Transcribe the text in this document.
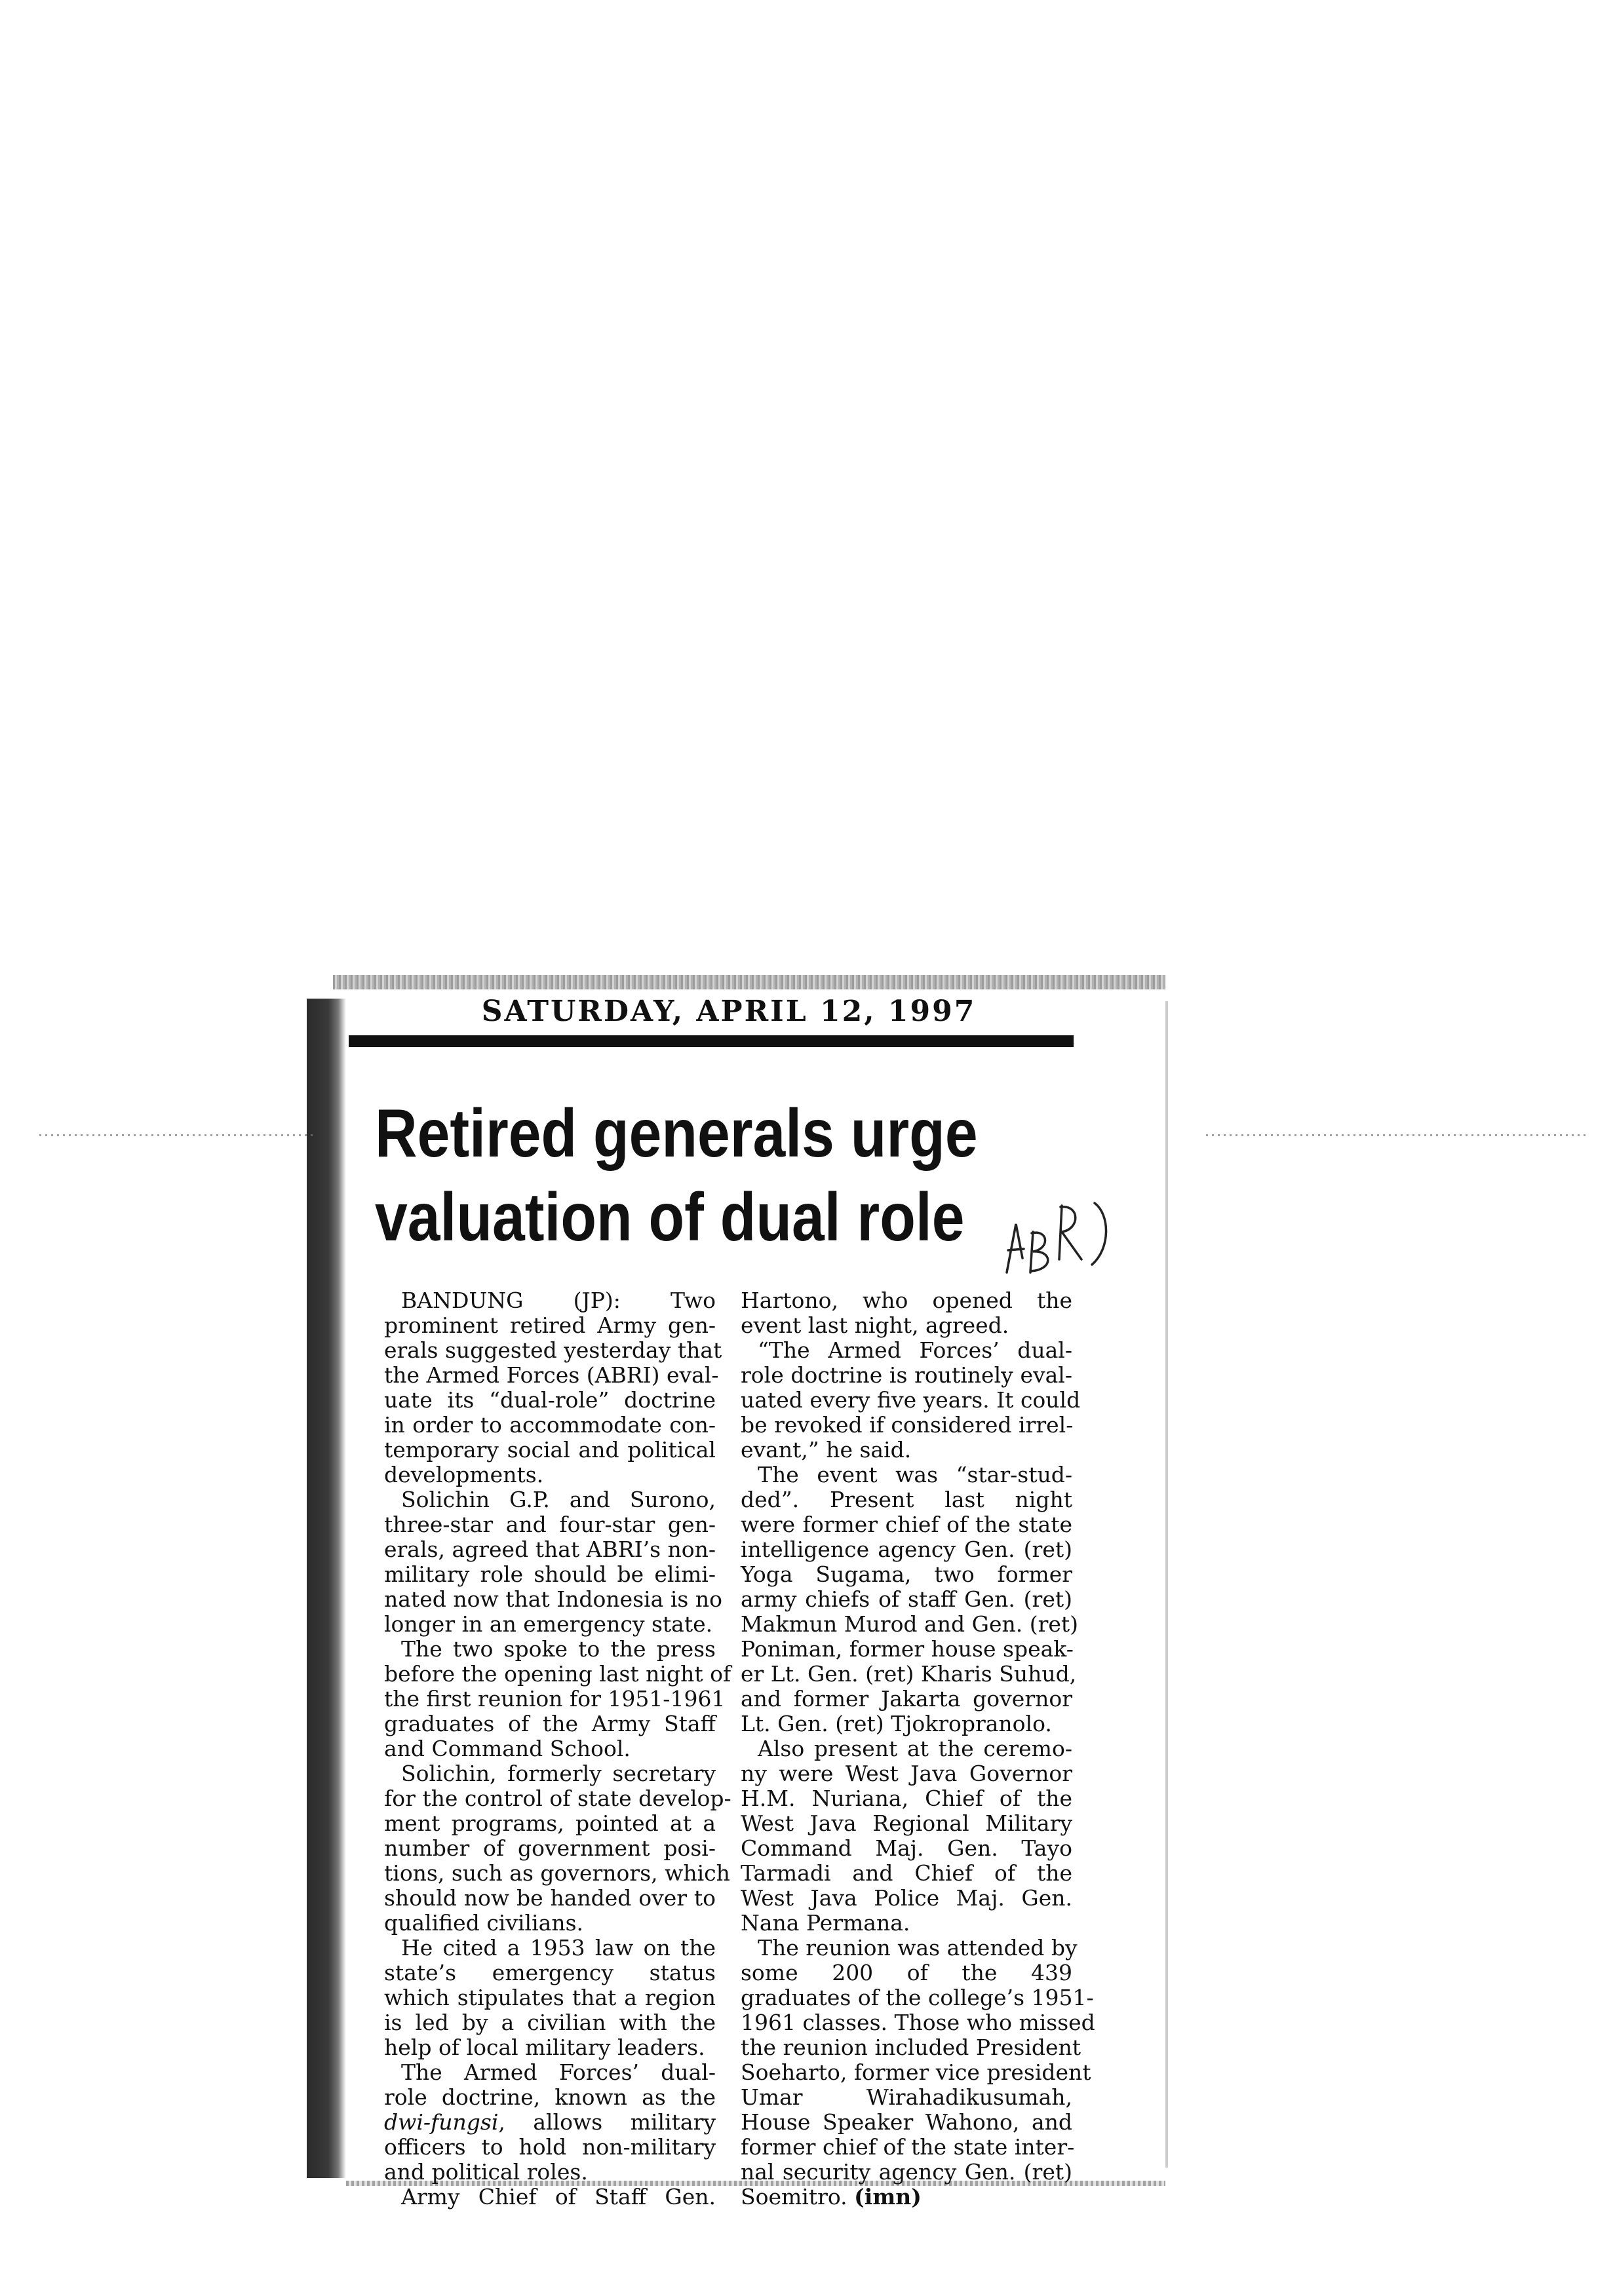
SATURDAY, APRIL 12, 1997
Retired generals urge
valuation of dual role
BANDUNG (JP): Two
prominent retired Army gen-
erals suggested yesterday that
the Armed Forces (ABRI) eval-
uate its “dual-role” doctrine
in order to accommodate con-
temporary social and political
developments.
Solichin G.P. and Surono,
three-star and four-star gen-
erals, agreed that ABRI’s non-
military role should be elimi-
nated now that Indonesia is no
longer in an emergency state.
The two spoke to the press
before the opening last night of
the first reunion for 1951-1961
graduates of the Army Staff
and Command School.
Solichin, formerly secretary
for the control of state develop-
ment programs, pointed at a
number of government posi-
tions, such as governors, which
should now be handed over to
qualified civilians.
He cited a 1953 law on the
state’s emergency status
which stipulates that a region
is led by a civilian with the
help of local military leaders.
The Armed Forces’ dual-
role doctrine, known as the
dwi-fungsi, allows military
officers to hold non-military
and political roles.
Army Chief of Staff Gen.
Hartono, who opened the
event last night, agreed.
“The Armed Forces’ dual-
role doctrine is routinely eval-
uated every five years. It could
be revoked if considered irrel-
evant,” he said.
The event was “star-stud-
ded”. Present last night
were former chief of the state
intelligence agency Gen. (ret)
Yoga Sugama, two former
army chiefs of staff Gen. (ret)
Makmun Murod and Gen. (ret)
Poniman, former house speak-
er Lt. Gen. (ret) Kharis Suhud,
and former Jakarta governor
Lt. Gen. (ret) Tjokropranolo.
Also present at the ceremo-
ny were West Java Governor
H.M. Nuriana, Chief of the
West Java Regional Military
Command Maj. Gen. Tayo
Tarmadi and Chief of the
West Java Police Maj. Gen.
Nana Permana.
The reunion was attended by
some 200 of the 439
graduates of the college’s 1951-
1961 classes. Those who missed
the reunion included President
Soeharto, former vice president
Umar Wirahadikusumah,
House Speaker Wahono, and
former chief of the state inter-
nal security agency Gen. (ret)
Soemitro. (imn)
